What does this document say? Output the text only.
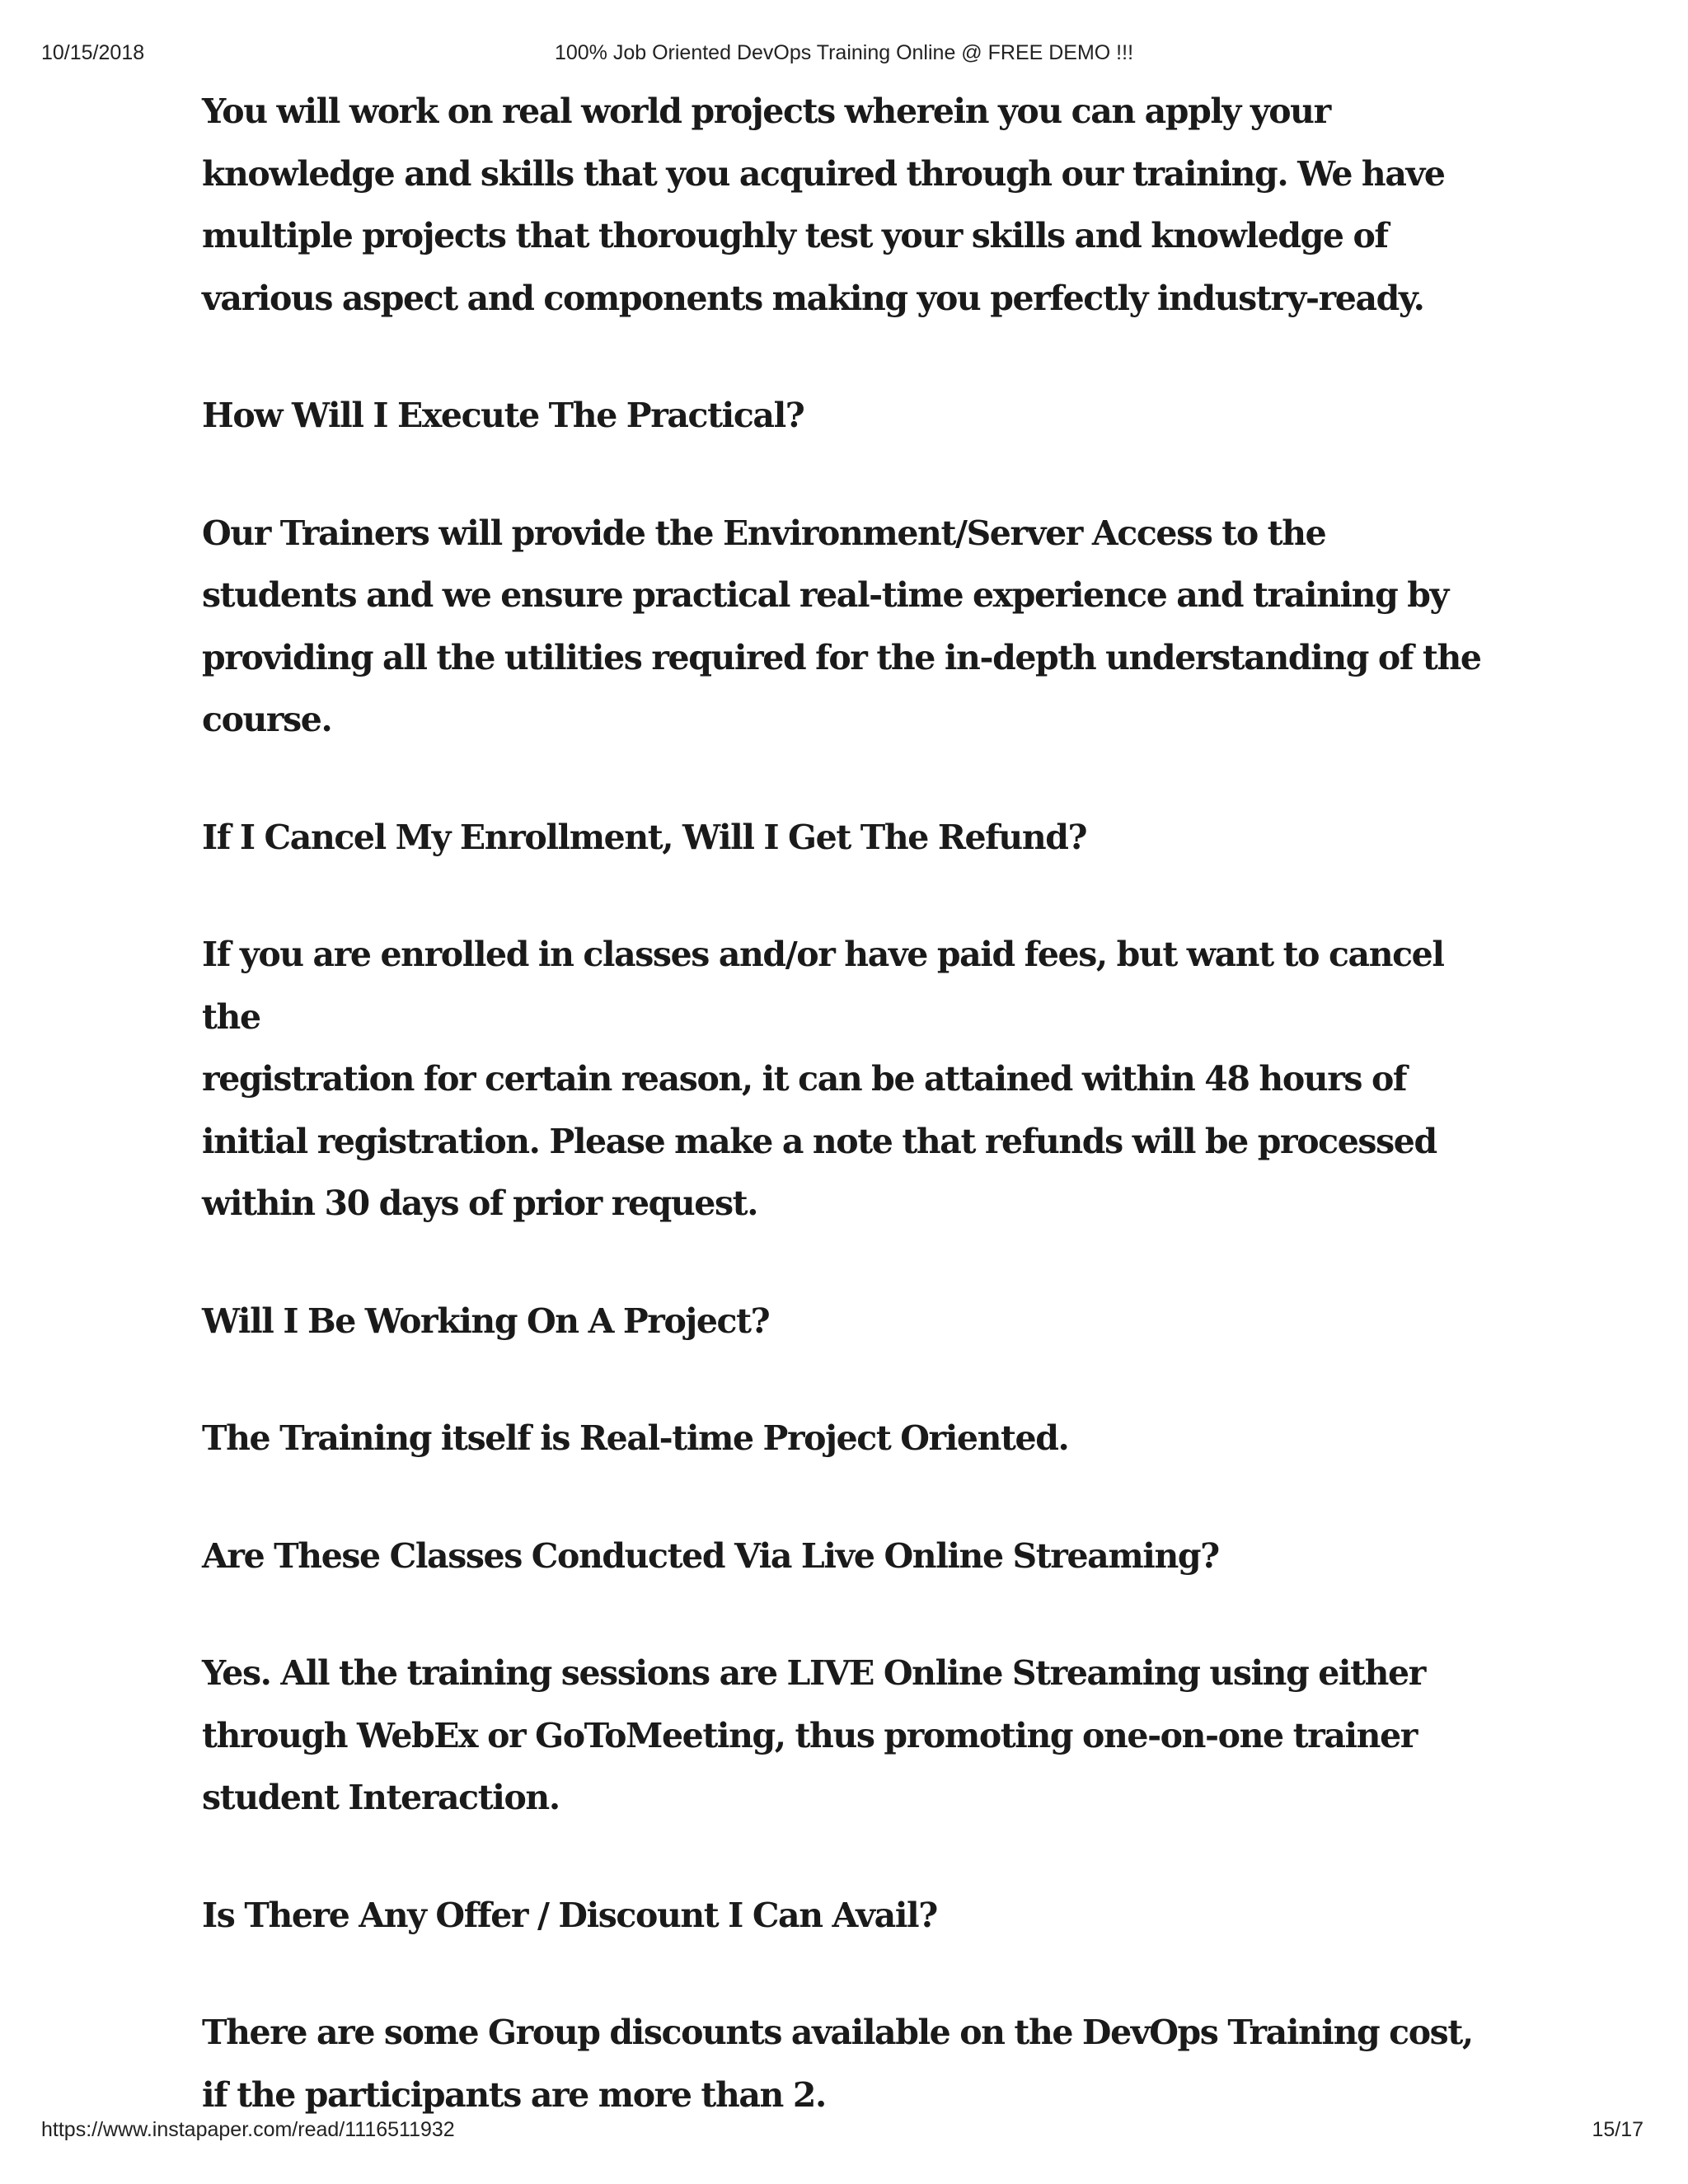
10/15/2018	100% Job Oriented DevOps Training Online @ FREE DEMO !!!

You will work on real world projects wherein you can apply your
knowledge and skills that you acquired through our training. We have
multiple projects that thoroughly test your skills and knowledge of
various aspect and components making you perfectly industry-ready.

How Will I Execute The Practical?

Our Trainers will provide the Environment/Server Access to the
students and we ensure practical real-time experience and training by
providing all the utilities required for the in-depth understanding of the
course.

If I Cancel My Enrollment, Will I Get The Refund?

If you are enrolled in classes and/or have paid fees, but want to cancel the
registration for certain reason, it can be attained within 48 hours of
initial registration. Please make a note that refunds will be processed
within 30 days of prior request.

Will I Be Working On A Project?

The Training itself is Real-time Project Oriented.

Are These Classes Conducted Via Live Online Streaming?

Yes. All the training sessions are LIVE Online Streaming using either
through WebEx or GoToMeeting, thus promoting one-on-one trainer
student Interaction.

Is There Any Offer / Discount I Can Avail?

There are some Group discounts available on the DevOps Training cost,
if the participants are more than 2.

https://www.instapaper.com/read/1116511932	15/17
